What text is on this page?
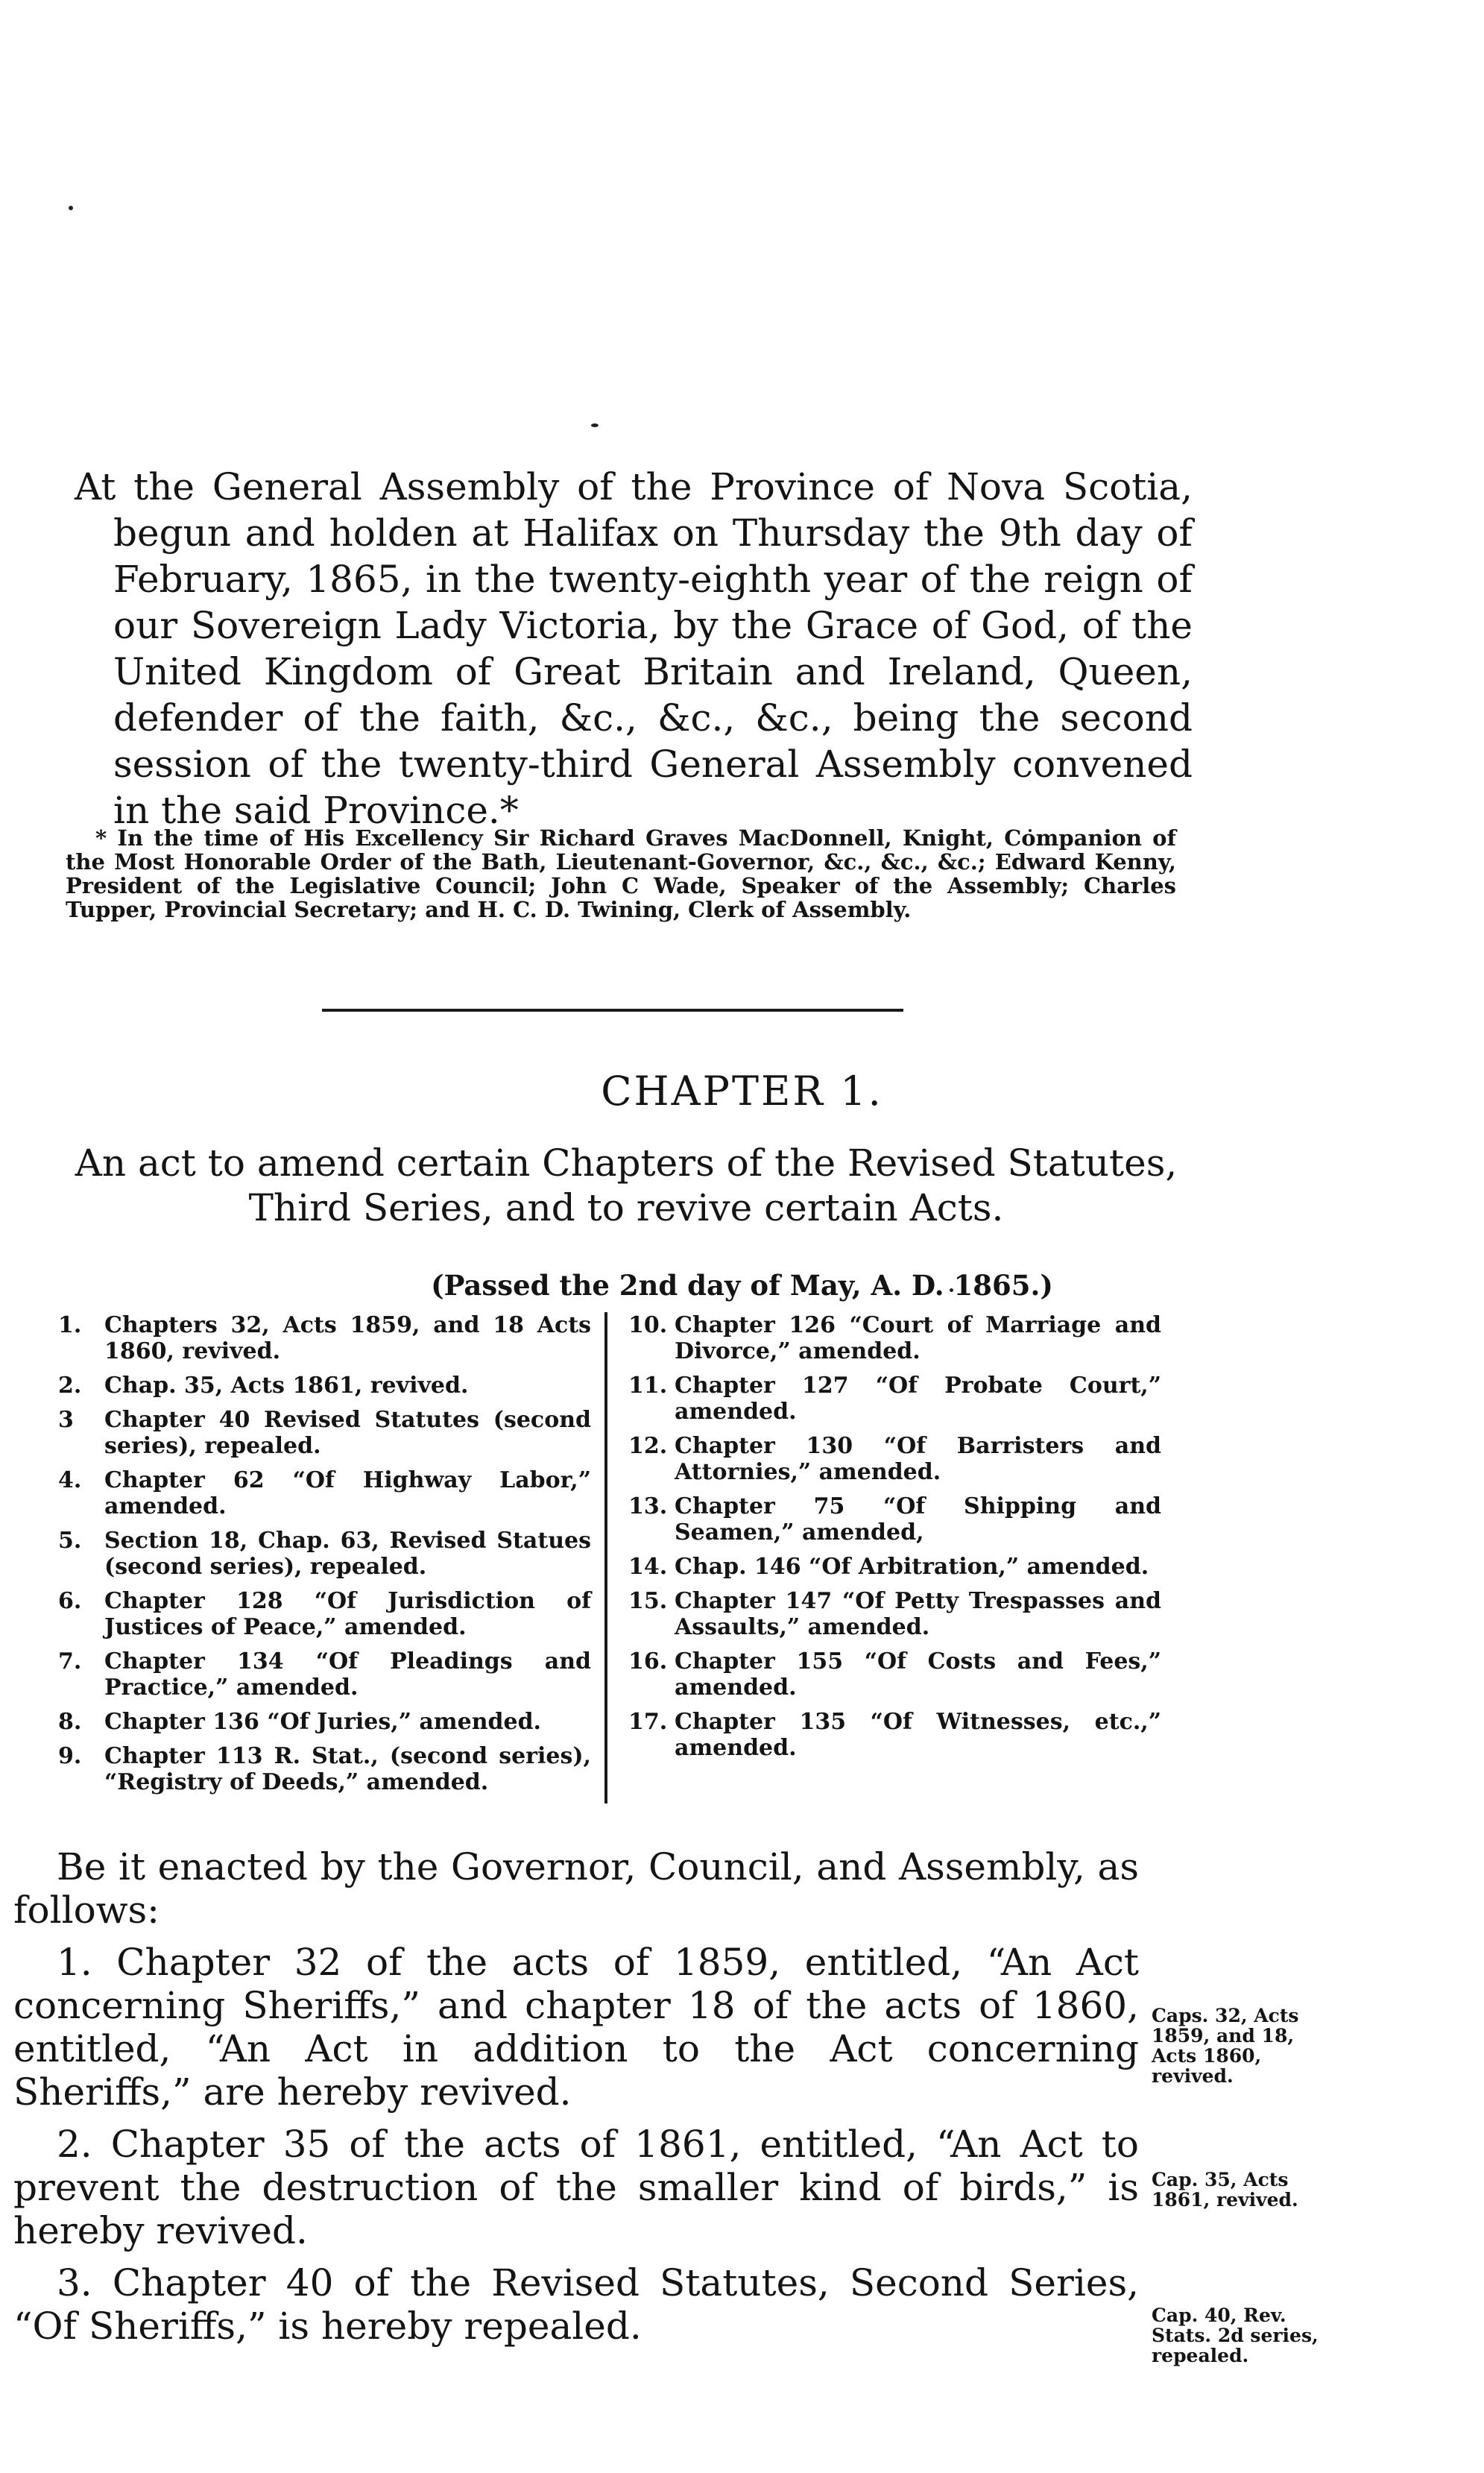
At the General Assembly of the Province of Nova Scotia, begun and holden at Halifax on Thursday the 9th day of February, 1865, in the twenty-eighth year of the reign of our Sovereign Lady Victoria, by the Grace of God, of the United Kingdom of Great Britain and Ireland, Queen, defender of the faith, &c., &c., &c., being the second session of the twenty-third General Assembly convened in the said Province.*

* In the time of His Excellency Sir Richard Graves MacDonnell, Knight, Companion of the Most Honorable Order of the Bath, Lieutenant-Governor, &c., &c., &c.; Edward Kenny, President of the Legislative Council; John C Wade, Speaker of the Assembly; Charles Tupper, Provincial Secretary; and H. C. D. Twining, Clerk of Assembly.

CHAPTER 1.
An act to amend certain Chapters of the Revised Statutes, Third Series, and to revive certain Acts.
(Passed the 2nd day of May, A. D. 1865.)
1.	Chapters 32, Acts 1859, and 18 Acts 1860, revived.
2.	Chap. 35, Acts 1861, revived.
3	Chapter 40 Revised Statutes (second series), repealed.
4.	Chapter 62 “Of Highway Labor,” amended.
5.	Section 18, Chap. 63, Revised Statues (second series), repealed.
6.	Chapter 128 “Of Jurisdiction of Justices of Peace,” amended.
7.	Chapter 134 “Of Pleadings and Practice,” amended.
8.	Chapter 136 “Of Juries,” amended.
9.	Chapter 113 R. Stat., (second series), “Registry of Deeds,” amended.
10. Chapter 126 “Court of Marriage and Divorce,” amended.
11. Chapter 127 “Of Probate Court,” amended.
12. Chapter 130 “Of Barristers and Attornies,” amended.
13. Chapter 75 “Of Shipping and Seamen,” amended,
14. Chap. 146 “Of Arbitration,” amended.
15. Chapter 147 “Of Petty Trespasses and Assaults,” amended.
16. Chapter 155 “Of Costs and Fees,” amended.
17. Chapter 135 “Of Witnesses, etc.,” amended.

Be it enacted by the Governor, Council, and Assembly, as follows:

1. Chapter 32 of the acts of 1859, entitled, “An Act concerning Sheriffs,” and chapter 18 of the acts of 1860, entitled, “An Act in addition to the Act concerning Sheriffs,” are hereby revived.

2. Chapter 35 of the acts of 1861, entitled, “An Act to prevent the destruction of the smaller kind of birds,” is hereby revived.

3. Chapter 40 of the Revised Statutes, Second Series, “Of Sheriffs,” is hereby repealed.

Caps. 32, Acts 1859, and 18, Acts 1860, revived.
Cap. 35, Acts 1861, revived.
Cap. 40, Rev. Stats. 2d series, repealed.
